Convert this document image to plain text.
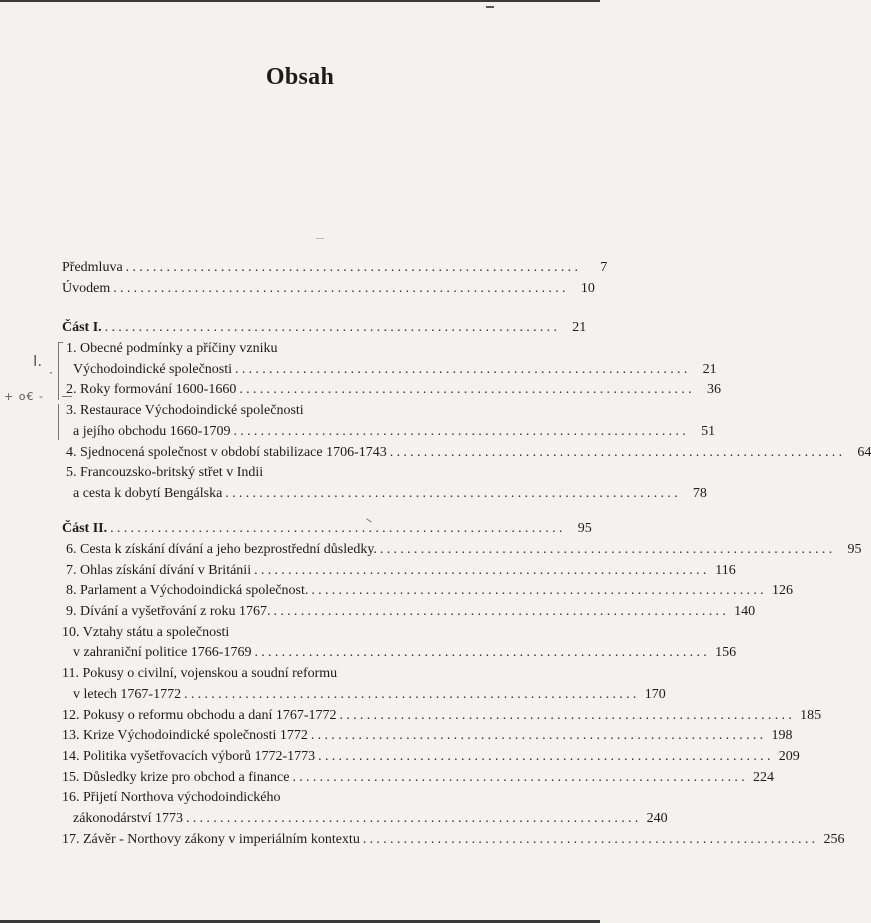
Obsah
I.
·
+ o€ -
Předmluva ...................................................................	7
Úvodem ................................................................... 10
Část I. ................................................................... 21
1. Obecné podmínky a příčiny vzniku
Východoindické společnosti ................................................................... 21
2. Roky formování 1600-1660 ................................................................... 36
3. Restaurace Východoindické společnosti
a jejího obchodu 1660-1709 ................................................................... 51
4. Sjednocená společnost v období stabilizace 1706-1743 ................................................................... 64
5. Francouzsko-britský střet v Indii
a cesta k dobytí Bengálska ................................................................... 78
Část II. ................................................................... 95
6. Cesta k získání dívání a jeho bezprostřední důsledky. ................................................................... 95
7. Ohlas získání dívání v Británii ................................................................... 116
8. Parlament a Východoindická společnost. ................................................................... 126
9. Dívání a vyšetřování z roku 1767. ................................................................... 140
10. Vztahy státu a společnosti
v zahraniční politice 1766-1769 ................................................................... 156
11. Pokusy o civilní, vojenskou a soudní reformu
v letech 1767-1772 ................................................................... 170
12. Pokusy o reformu obchodu a daní 1767-1772 ................................................................... 185
13. Krize Východoindické společnosti 1772 ................................................................... 198
14. Politika vyšetřovacích výborů 1772-1773 ................................................................... 209
15. Důsledky krize pro obchod a finance ................................................................... 224
16. Přijetí Northova východoindického
zákonodárství 1773 ................................................................... 240
17. Závěr - Northovy zákony v imperiálním kontextu ................................................................... 256
